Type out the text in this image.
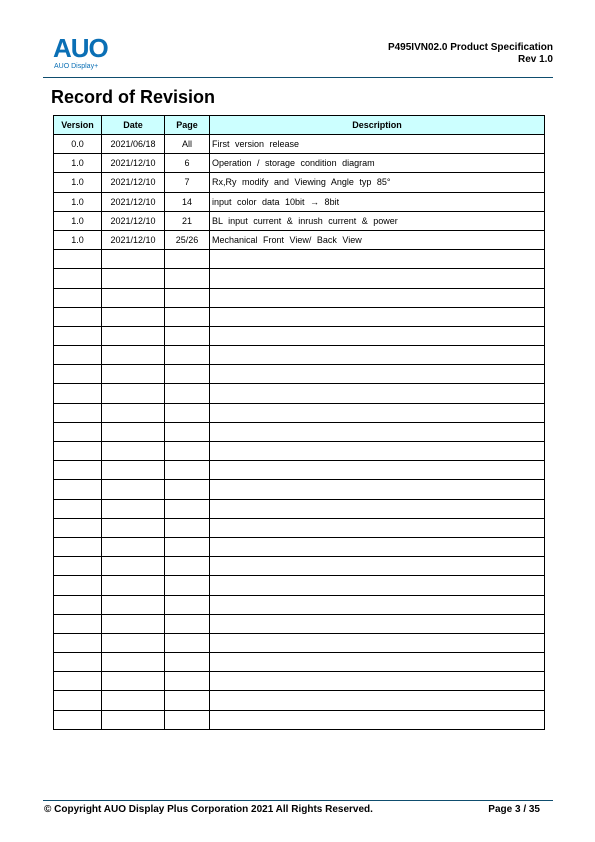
AUO
AUO Display+
P495IVN02.0 Product Specification
Rev 1.0
Record of Revision
Version	Date	Page	Description
0.0	2021/06/18	All	First version release
1.0	2021/12/10	6	Operation / storage condition diagram
1.0	2021/12/10	7	Rx,Ry modify and Viewing Angle typ 85°
1.0	2021/12/10	14	input color data 10bit → 8bit
1.0	2021/12/10	21	BL input current & inrush current & power
1.0	2021/12/10	25/26	Mechanical Front View/ Back View

© Copyright AUO Display Plus Corporation 2021 All Rights Reserved.	Page 3 / 35
